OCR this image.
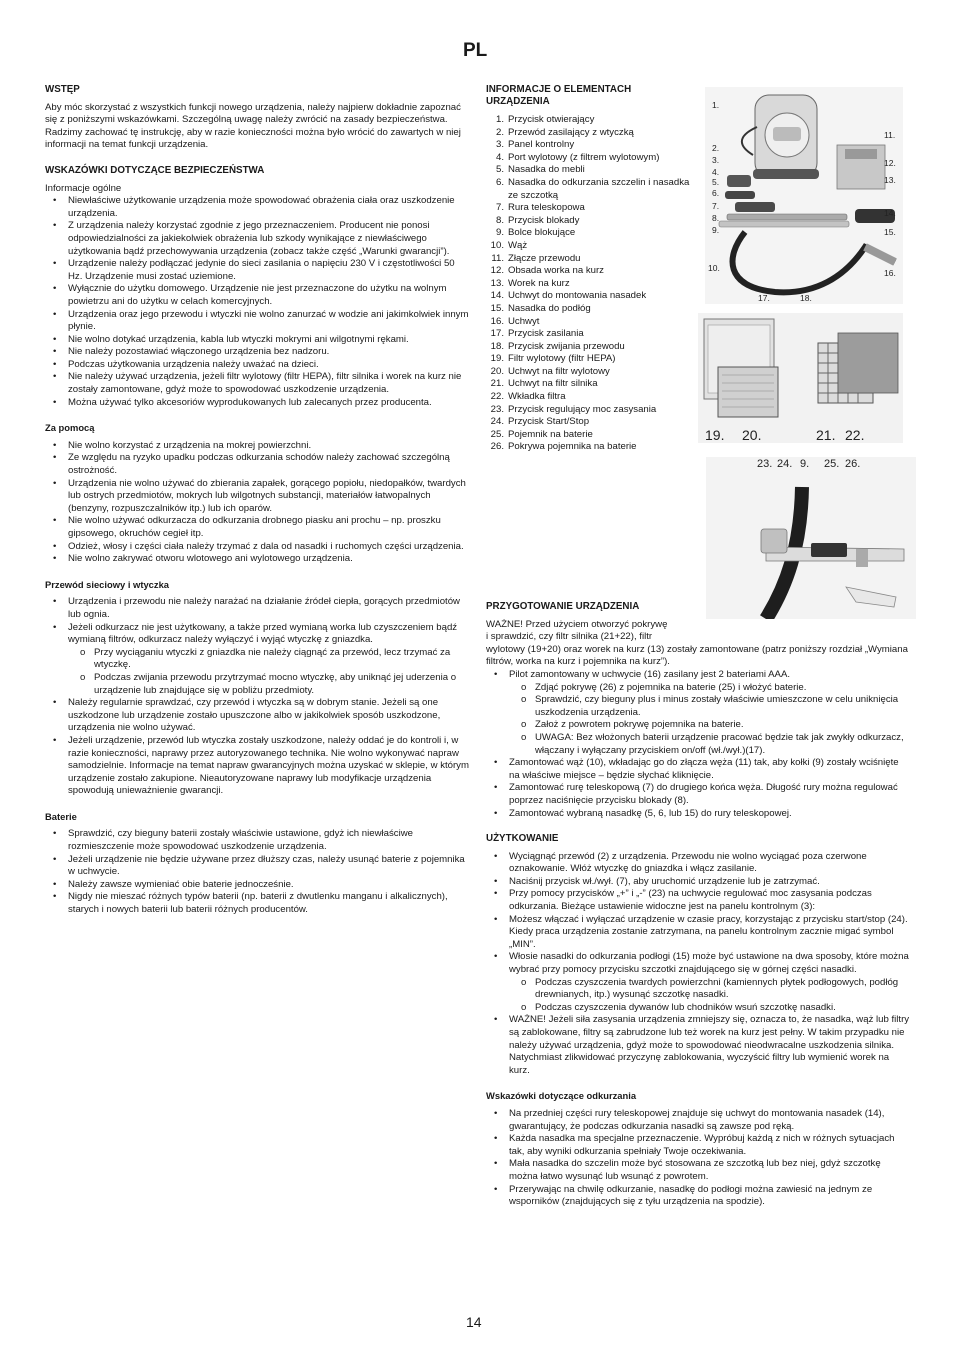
PL
WSTĘP

Aby móc skorzystać z wszystkich funkcji nowego urządzenia, należy najpierw dokładnie zapoznać się z poniższymi wskazówkami. Szczególną uwagę należy zwrócić na zasady bezpieczeństwa. Radzimy zachować tę instrukcję, aby w razie konieczności można było wrócić do zawartych w niej informacji na temat funkcji urządzenia.

WSKAZÓWKI DOTYCZĄCE BEZPIECZEŃSTWA

Informacje ogólne

• Niewłaściwe użytkowanie urządzenia może spowodować obrażenia ciała oraz uszkodzenie urządzenia.
• Z urządzenia należy korzystać zgodnie z jego przeznaczeniem. Producent nie ponosi odpowiedzialności za jakiekolwiek obrażenia lub szkody wynikające z niewłaściwego użytkowania bądź przechowywania urządzenia (zobacz także część „Warunki gwarancji”).
• Urządzenie należy podłączać jedynie do sieci zasilania o napięciu 230 V i częstotliwości 50 Hz. Urządzenie musi zostać uziemione.
• Wyłącznie do użytku domowego. Urządzenie nie jest przeznaczone do użytku na wolnym powietrzu ani do użytku w celach komercyjnych.
• Urządzenia oraz jego przewodu i wtyczki nie wolno zanurzać w wodzie ani jakimkolwiek innym płynie.
• Nie wolno dotykać urządzenia, kabla lub wtyczki mokrymi ani wilgotnymi rękami.
• Nie należy pozostawiać włączonego urządzenia bez nadzoru.
• Podczas użytkowania urządzenia należy uważać na dzieci.
• Nie należy używać urządzenia, jeżeli filtr wylotowy (filtr HEPA), filtr silnika i worek na kurz nie zostały zamontowane, gdyż może to spowodować uszkodzenie urządzenia.
• Można używać tylko akcesoriów wyprodukowanych lub zalecanych przez producenta.
Za pomocą
• Nie wolno korzystać z urządzenia na mokrej powierzchni.
• Ze względu na ryzyko upadku podczas odkurzania schodów należy zachować szczególną ostrożność.
• Urządzenia nie wolno używać do zbierania zapałek, gorącego popiołu, niedopałków, twardych lub ostrych przedmiotów, mokrych lub wilgotnych substancji, materiałów łatwopalnych (benzyny, rozpuszczalników itp.) lub ich oparów.
• Nie wolno używać odkurzacza do odkurzania drobnego piasku ani prochu – np. proszku gipsowego, okruchów cegieł itp.
• Odzież, włosy i części ciała należy trzymać z dala od nasadki i ruchomych części urządzenia.
• Nie wolno zakrywać otworu wlotowego ani wylotowego urządzenia.
Przewód sieciowy i wtyczka
• Urządzenia i przewodu nie należy narażać na działanie źródeł ciepła, gorących przedmiotów lub ognia.
• Jeżeli odkurzacz nie jest użytkowany, a także przed wymianą worka lub czyszczeniem bądź wymianą filtrów, odkurzacz należy wyłączyć i wyjąć wtyczkę z gniazdka.
o Przy wyciąganiu wtyczki z gniazdka nie należy ciągnąć za przewód, lecz trzymać za wtyczkę.
o Podczas zwijania przewodu przytrzymać mocno wtyczkę, aby uniknąć jej uderzenia o urządzenie lub znajdujące się w pobliżu przedmioty.
• Należy regularnie sprawdzać, czy przewód i wtyczka są w dobrym stanie. Jeżeli są one uszkodzone lub urządzenie zostało upuszczone albo w jakikolwiek sposób uszkodzone, urządzenia nie wolno używać.
• Jeżeli urządzenie, przewód lub wtyczka zostały uszkodzone, należy oddać je do kontroli i, w razie konieczności, naprawy przez autoryzowanego technika. Nie wolno wykonywać napraw samodzielnie. Informacje na temat napraw gwarancyjnych można uzyskać w sklepie, w którym urządzenie zostało zakupione. Nieautoryzowane naprawy lub modyfikacje urządzenia spowodują unieważnienie gwarancji.
Baterie
• Sprawdzić, czy bieguny baterii zostały właściwie ustawione, gdyż ich niewłaściwe rozmieszczenie może spowodować uszkodzenie urządzenia.
• Jeżeli urządzenie nie będzie używane przez dłuższy czas, należy usunąć baterie z pojemnika w uchwycie.
• Należy zawsze wymieniać obie baterie jednocześnie.
• Nigdy nie mieszać różnych typów baterii (np. baterii z dwutlenku manganu i alkalicznych), starych i nowych baterii lub baterii różnych producentów.
INFORMACJE O ELEMENTACH
URZĄDZENIA
1. Przycisk otwierający
2. Przewód zasilający z wtyczką
3. Panel kontrolny
4. Port wylotowy (z filtrem wylotowym)
5. Nasadka do mebli
6. Nasadka do odkurzania szczelin i nasadka ze szczotką
7. Rura teleskopowa
8. Przycisk blokady
9. Bolce blokujące
10. Wąż
11. Złącze przewodu
12. Obsada worka na kurz
13. Worek na kurz
14. Uchwyt do montowania nasadek
15. Nasadka do podłóg
16. Uchwyt
17. Przycisk zasilania
18. Przycisk zwijania przewodu
19. Filtr wylotowy (filtr HEPA)
20. Uchwyt na filtr wylotowy
21. Uchwyt na filtr silnika
22. Wkładka filtra
23. Przycisk regulujący moc zasysania
24. Przycisk Start/Stop
25. Pojemnik na baterie
26. Pokrywa pojemnika na baterie
1.
2.
3.
4.
5.
6.
7.
8.
9.
10.
11.
12.
13.
14.
15.
16.
17.	18.
19. 20.	21. 22.
23. 24. 9. 25. 26.
PRZYGOTOWANIE URZĄDZENIA

WAŻNE! Przed użyciem otworzyć pokrywę

i sprawdzić, czy filtr silnika (21+22), filtr

wylotowy (19+20) oraz worek na kurz (13) zostały zamontowane (patrz poniższy rozdział „Wymiana filtrów, worka na kurz i pojemnika na kurz”).

• Pilot zamontowany w uchwycie (16) zasilany jest 2 bateriami AAA.
o Zdjąć pokrywę (26) z pojemnika na baterie (25) i włożyć baterie.
o Sprawdzić, czy bieguny plus i minus zostały właściwie umieszczone w celu uniknięcia uszkodzenia urządzenia.
o Założ z powrotem pokrywę pojemnika na baterie.
o UWAGA: Bez włożonych baterii urządzenie pracować będzie tak jak zwykły odkurzacz, włączany i wyłączany przyciskiem on/off (wł./wył.)(17).
• Zamontować wąż (10), wkładając go do złącza węża (11) tak, aby kołki (9) zostały wciśnięte na właściwe miejsce – będzie słychać kliknięcie.
• Zamontować rurę teleskopową (7) do drugiego końca węża. Długość rury można regulować poprzez naciśnięcie przycisku blokady (8).
• Zamontować wybraną nasadkę (5, 6, lub 15) do rury teleskopowej.
UŻYTKOWANIE
• Wyciągnąć przewód (2) z urządzenia. Przewodu nie wolno wyciągać poza czerwone oznakowanie. Włóż wtyczkę do gniazdka i włącz zasilanie.
• Naciśnij przycisk wł./wył. (7), aby uruchomić urządzenie lub je zatrzymać.
• Przy pomocy przycisków „+” i „-” (23) na uchwycie regulować moc zasysania podczas odkurzania. Bieżące ustawienie widoczne jest na panelu kontrolnym (3):
• Możesz włączać i wyłączać urządzenie w czasie pracy, korzystając z przycisku start/stop (24). Kiedy praca urządzenia zostanie zatrzymana, na panelu kontrolnym zacznie migać symbol „MIN”.
• Włosie nasadki do odkurzania podłogi (15) może być ustawione na dwa sposoby, które można wybrać przy pomocy przycisku szczotki znajdującego się w górnej części nasadki.
o Podczas czyszczenia twardych powierzchni (kamiennych płytek podłogowych, podłóg drewnianych, itp.) wysunąć szczotkę nasadki.
o Podczas czyszczenia dywanów lub chodników wsuń szczotkę nasadki.
• WAŻNE! Jeżeli siła zasysania urządzenia zmniejszy się, oznacza to, że nasadka, wąż lub filtry są zablokowane, filtry są zabrudzone lub też worek na kurz jest pełny. W takim przypadku nie należy używać urządzenia, gdyż może to spowodować nieodwracalne uszkodzenia silnika. Natychmiast zlikwidować przyczynę zablokowania, wyczyścić filtry lub wymienić worek na kurz.
Wskazówki dotyczące odkurzania
• Na przedniej części rury teleskopowej znajduje się uchwyt do montowania nasadek (14), gwarantujący, że podczas odkurzania nasadki są zawsze pod ręką.
• Każda nasadka ma specjalne przeznaczenie. Wypróbuj każdą z nich w różnych sytuacjach tak, aby wyniki odkurzania spełniały Twoje oczekiwania.
• Mała nasadka do szczelin może być stosowana ze szczotką lub bez niej, gdyż szczotkę można łatwo wysunąć lub wsunąć z powrotem.
• Przerywając na chwilę odkurzanie, nasadkę do podłogi można zawiesić na jednym ze wsporników (znajdujących się z tyłu urządzenia na spodzie).
14
